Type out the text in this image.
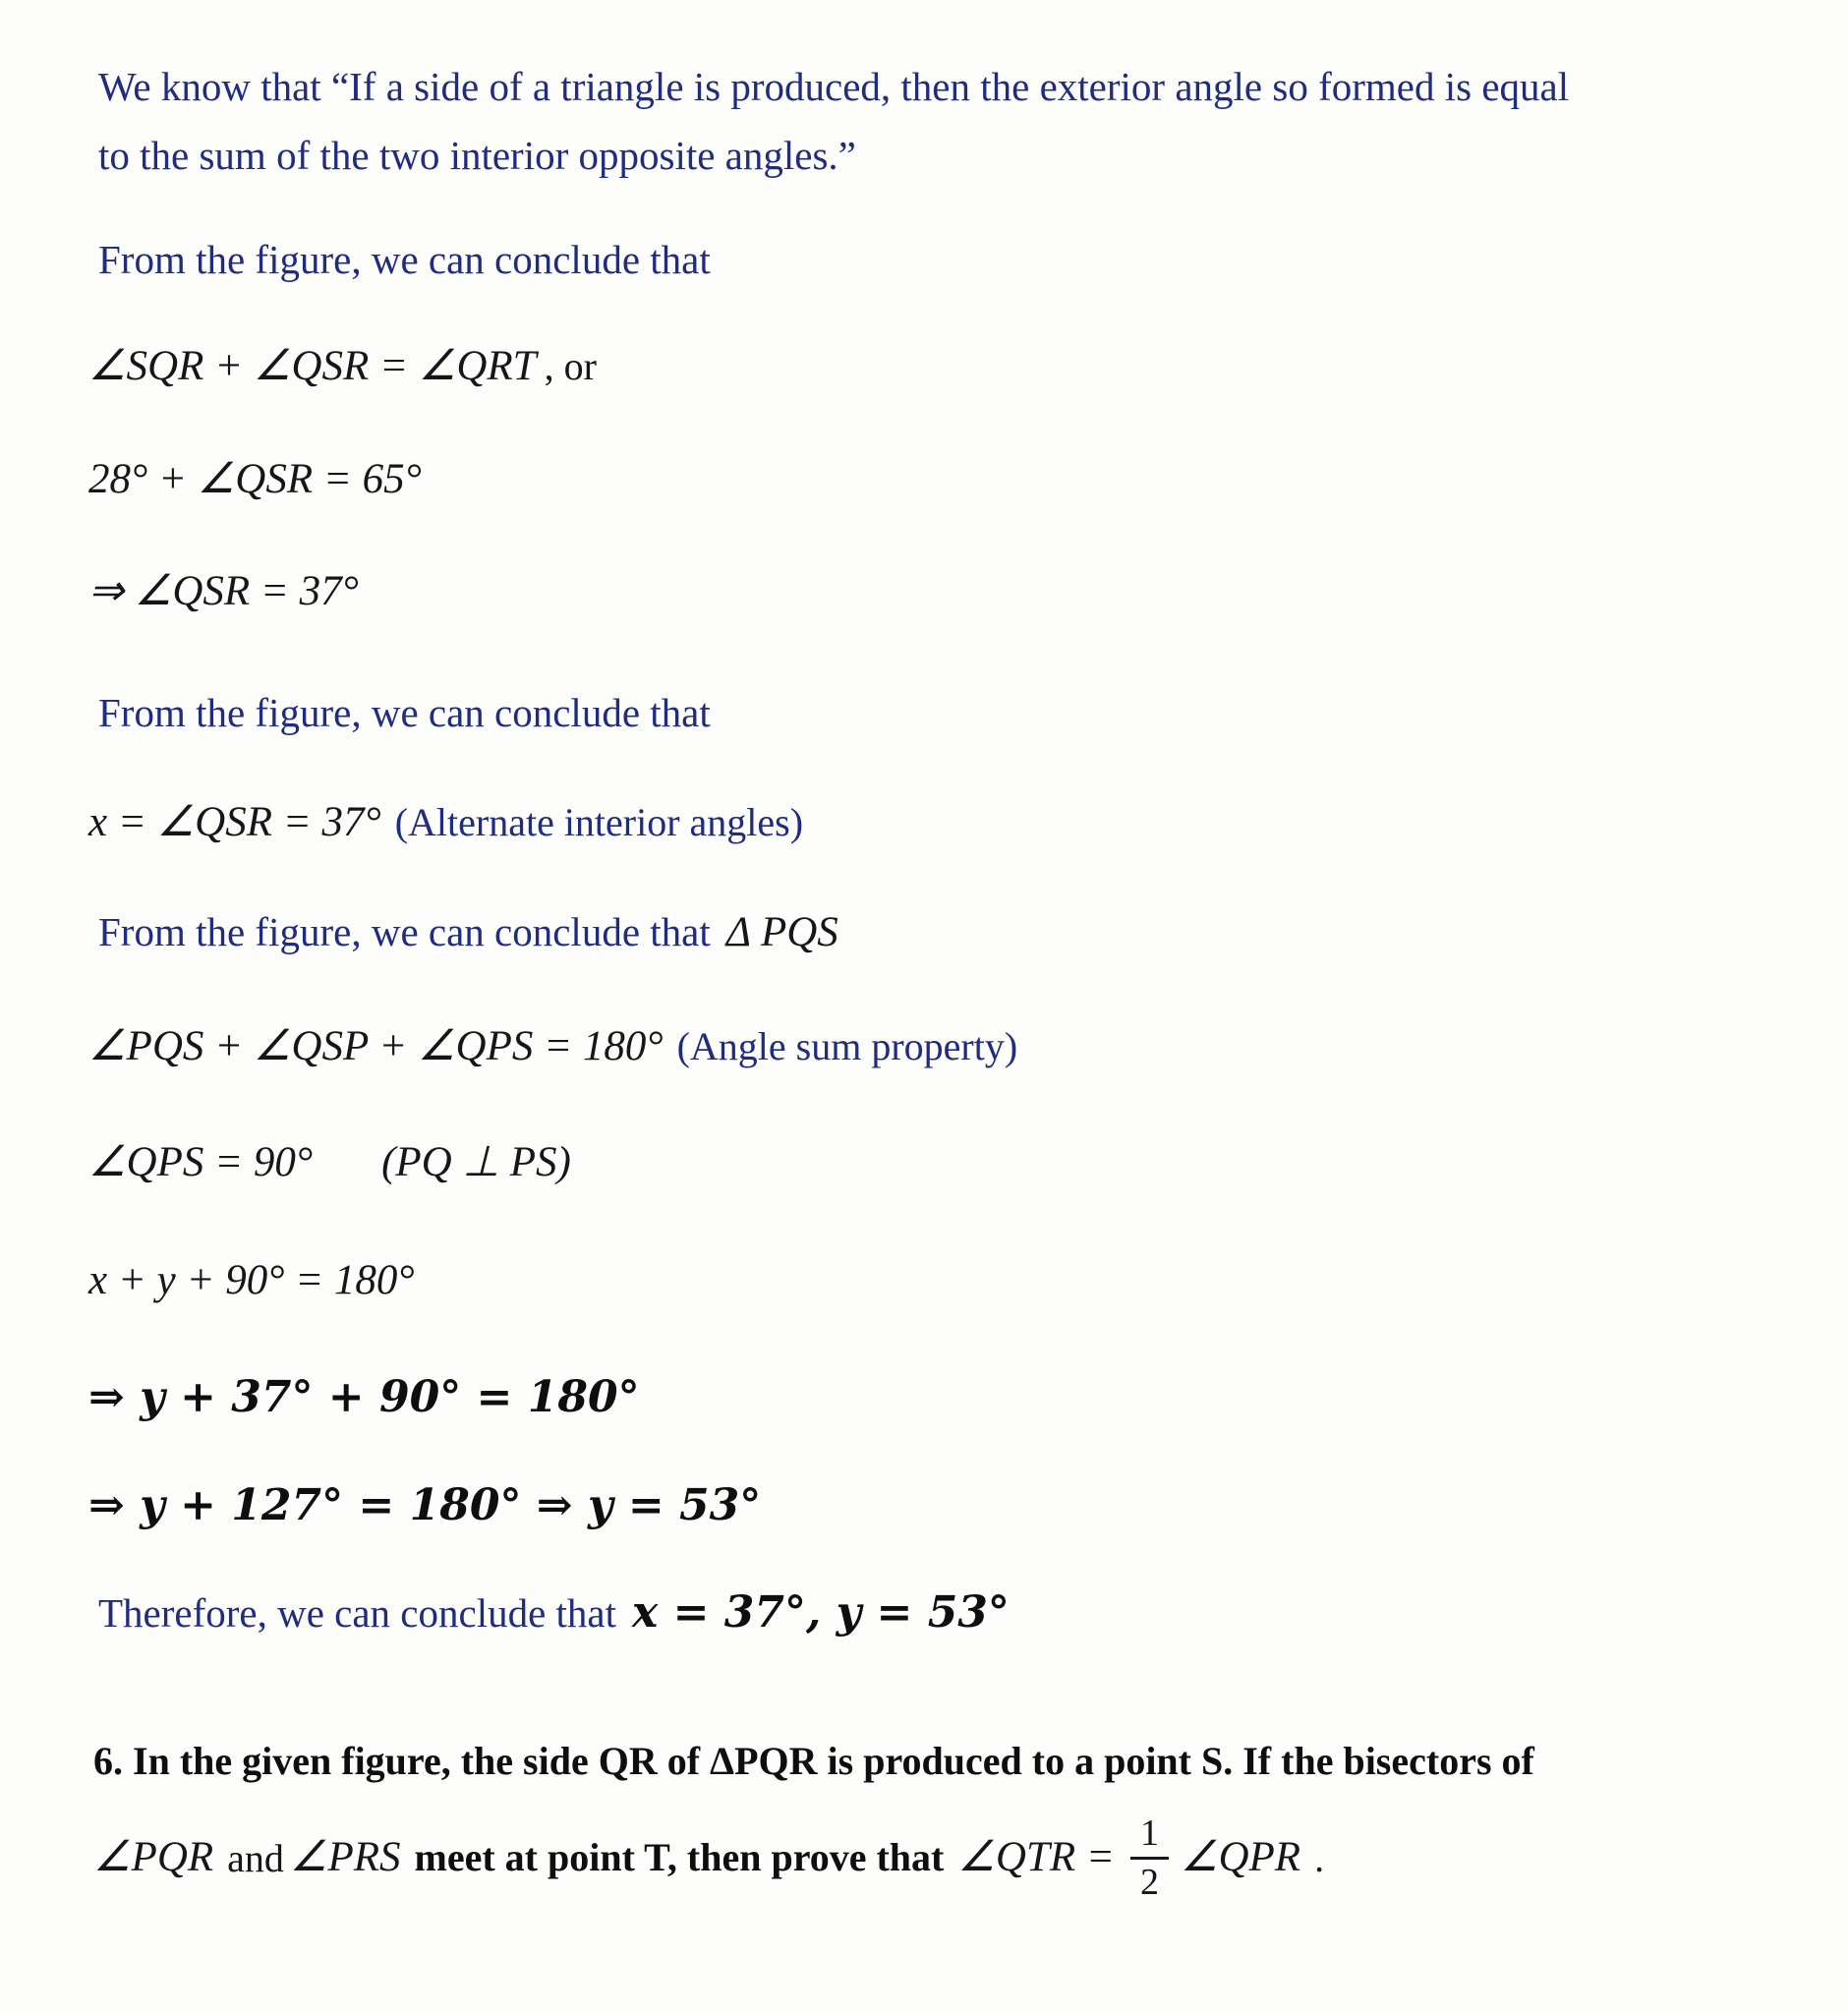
We know that “If a side of a triangle is produced, then the exterior angle so formed is equal
to the sum of the two interior opposite angles.”
From the figure, we can conclude that
∠SQR + ∠QSR = ∠QRT , or
28° + ∠QSR = 65°
⇒ ∠QSR = 37°
From the figure, we can conclude that
x = ∠QSR = 37° (Alternate interior angles)
From the figure, we can conclude that Δ PQS
∠PQS + ∠QSP + ∠QPS = 180° (Angle sum property)
∠QPS = 90° (PQ ⊥ PS)
x + y + 90° = 180°
⇒ y + 37° + 90° = 180°
⇒ y + 127° = 180° ⇒ y = 53°
Therefore, we can conclude that x = 37°, y = 53°
6. In the given figure, the side QR of ΔPQR is produced to a point S. If the bisectors of
∠PQR and ∠PRS meet at point T, then prove that ∠QTR = $\frac{1}{2}$ ∠QPR .
